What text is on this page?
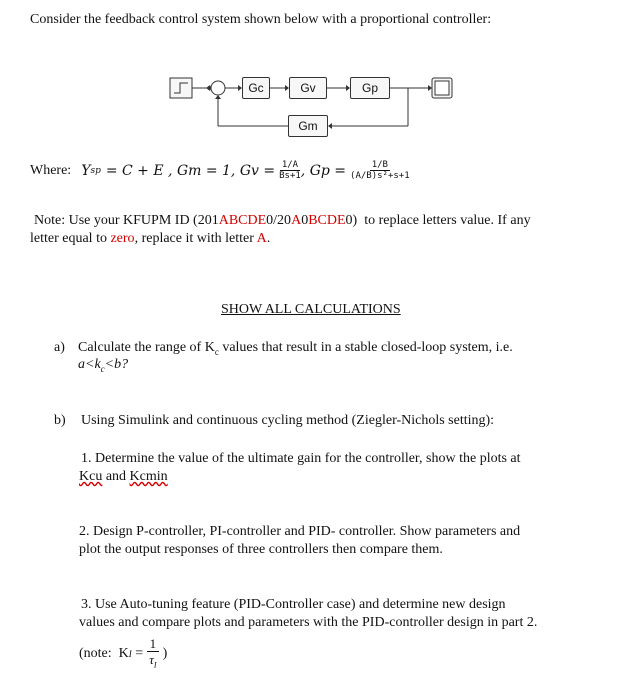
Consider the feedback control system shown below with a proportional controller:
Gc	Gv	Gp
Gm
Where: Y sp = C + E , Gm = 1, $Gv = \frac{1/A}{Bs+1}$ , $Gp = \frac{1/B}{\text{(A/B)s²+s+1}}$
Note: Use your KFUPM ID (201ABCDE0/20A0BCDE0)  to replace letters value. If any
letter equal to zero, replace it with letter A.
SHOW ALL CALCULATIONS
a) Calculate the range of $K_c$ values that result in a stable closed-loop system, i.e.
$a<k_c<b$?
b) Using Simulink and continuous cycling method (Ziegler-Nichols setting):
1. Determine the value of the ultimate gain for the controller, show the plots at
Kcu and Kcmin
2. Design P-controller, PI-controller and PID- controller. Show parameters and
plot the output responses of three controllers then compare them.
3. Use Auto-tuning feature (PID-Controller case) and determine new design
values and compare plots and parameters with the PID-controller design in part 2.
(note:  K $I = \frac{1}{\tau_I}$ )
